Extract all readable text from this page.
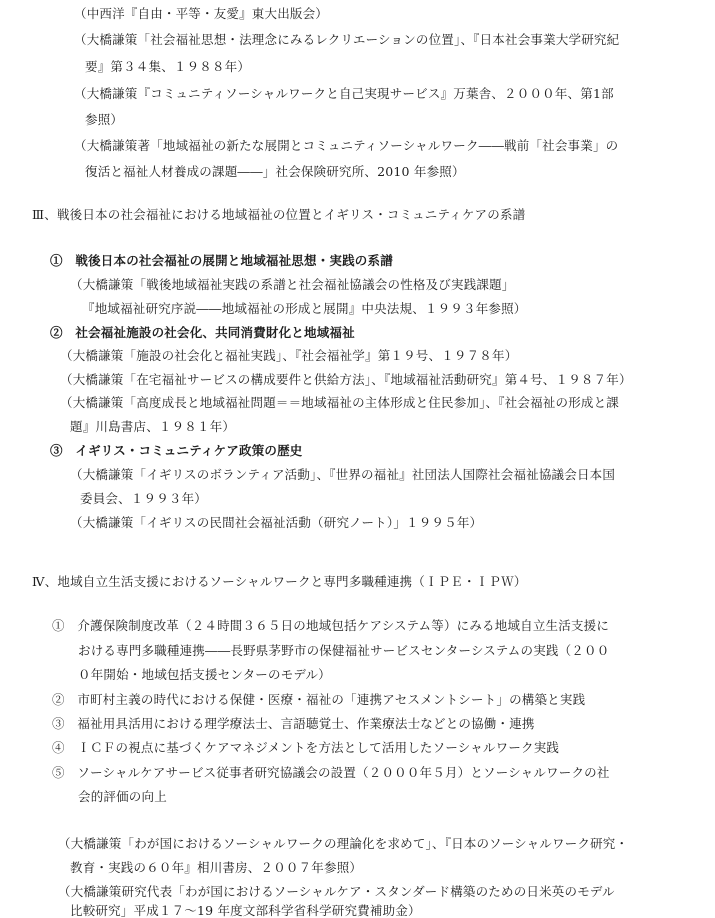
（中西洋『自由・平等・友愛』東大出版会）
（大橋謙策「社会福祉思想・法理念にみるレクリエーションの位置」、『日本社会事業大学研究紀
要』第３４集、１９８８年）
（大橋謙策『コミュニティソーシャルワークと自己実現サービス』万葉舎、２０００年、第1部
参照）
（大橋謙策著「地域福祉の新たな展開とコミュニティソーシャルワーク――戦前「社会事業」の
復活と福祉人材養成の課題――」社会保険研究所、2010 年参照）
Ⅲ、戦後日本の社会福祉における地域福祉の位置とイギリス・コミュニティケアの系譜
①　戦後日本の社会福祉の展開と地域福祉思想・実践の系譜
（大橋謙策「戦後地域福祉実践の系譜と社会福祉協議会の性格及び実践課題」
『地域福祉研究序説――地域福祉の形成と展開』中央法規、１９９３年参照）
②　社会福祉施設の社会化、共同消費財化と地域福祉
（大橋謙策「施設の社会化と福祉実践」、『社会福祉学』第１９号、１９７８年）
（大橋謙策「在宅福祉サービスの構成要件と供給方法」、『地域福祉活動研究』第４号、１９８７年）
（大橋謙策「高度成長と地域福祉問題＝＝地域福祉の主体形成と住民参加」、『社会福祉の形成と課
題』川島書店、１９８１年）
③　イギリス・コミュニティケア政策の歴史
（大橋謙策「イギリスのボランティア活動」、『世界の福祉』社団法人国際社会福祉協議会日本国
委員会、１９９３年）
（大橋謙策「イギリスの民間社会福祉活動（研究ノート）」１９９５年）
Ⅳ、地域自立生活支援におけるソーシャルワークと専門多職種連携（ＩＰＥ・ＩＰＷ）
①　介護保険制度改革（２４時間３６５日の地域包括ケアシステム等）にみる地域自立生活支援に
おける専門多職種連携――長野県茅野市の保健福祉サービスセンターシステムの実践（２００
０年開始・地域包括支援センターのモデル）
②　市町村主義の時代における保健・医療・福祉の「連携アセスメントシート」の構築と実践
③　福祉用具活用における理学療法士、言語聴覚士、作業療法士などとの協働・連携
④　ＩＣＦの視点に基づくケアマネジメントを方法として活用したソーシャルワーク実践
⑤　ソーシャルケアサービス従事者研究協議会の設置（２０００年５月）とソーシャルワークの社
会的評価の向上
（大橋謙策「わが国におけるソーシャルワークの理論化を求めて」、『日本のソーシャルワーク研究・
教育・実践の６０年』相川書房、２００７年参照）
（大橋謙策研究代表「わが国におけるソーシャルケア・スタンダード構築のための日米英のモデル
比較研究」平成１７～19 年度文部科学省科学研究費補助金）
